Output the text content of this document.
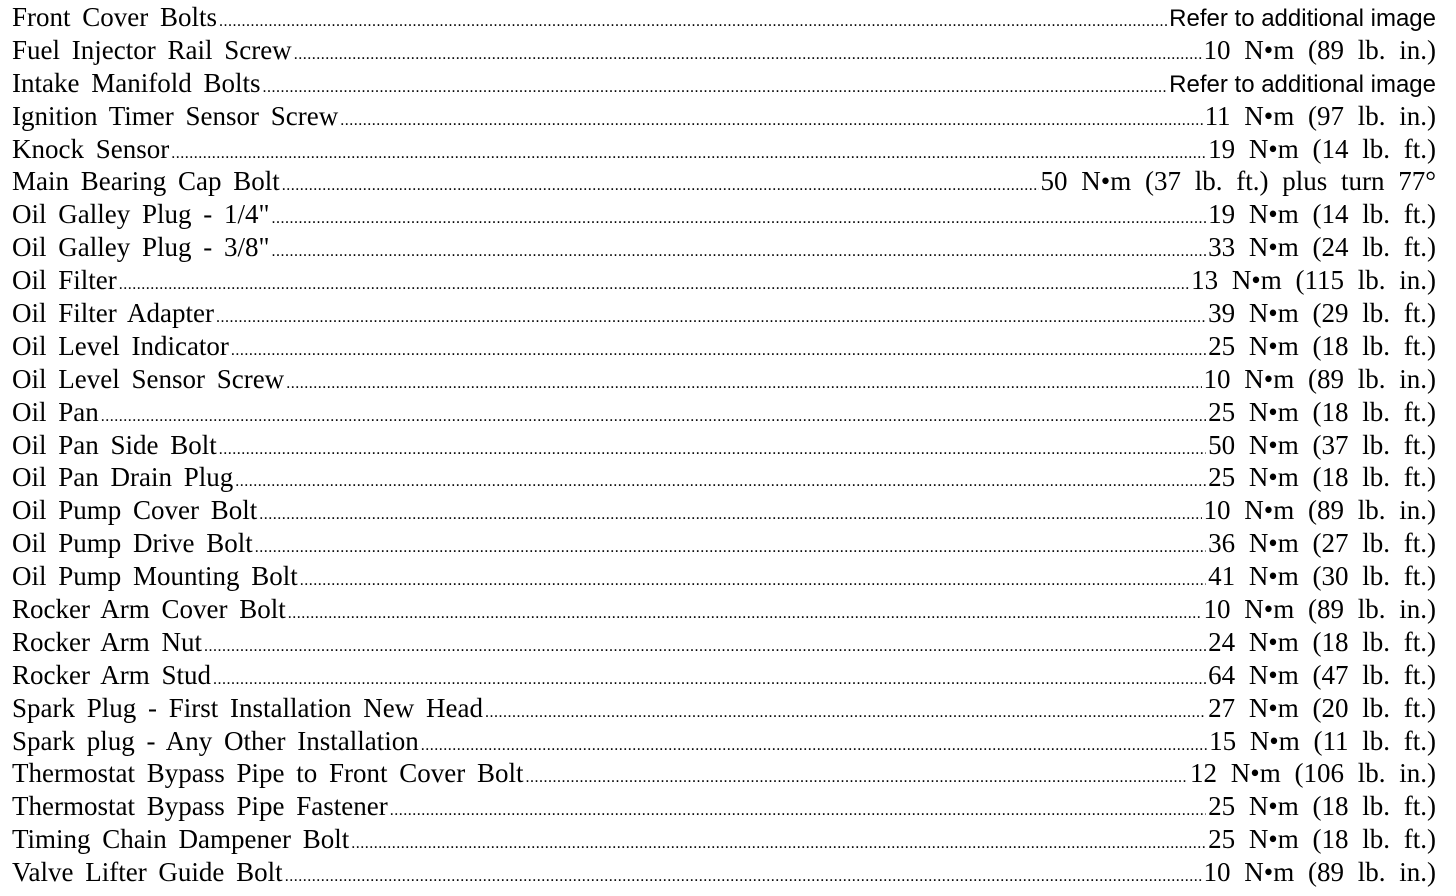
Front Cover Bolts .....	Refer to additional image
Fuel Injector Rail Screw .....	10 N•m (89 lb. in.)
Intake Manifold Bolts .....	Refer to additional image
Ignition Timer Sensor Screw .....	11 N•m (97 lb. in.)
Knock Sensor .....	19 N•m (14 lb. ft.)
Main Bearing Cap Bolt .....	50 N•m (37 lb. ft.) plus turn 77°
Oil Galley Plug - 1/4" .....	19 N•m (14 lb. ft.)
Oil Galley Plug - 3/8" .....	33 N•m (24 lb. ft.)
Oil Filter .....	13 N•m (115 lb. in.)
Oil Filter Adapter .....	39 N•m (29 lb. ft.)
Oil Level Indicator .....	25 N•m (18 lb. ft.)
Oil Level Sensor Screw .....	10 N•m (89 lb. in.)
Oil Pan .....	25 N•m (18 lb. ft.)
Oil Pan Side Bolt .....	50 N•m (37 lb. ft.)
Oil Pan Drain Plug .....	25 N•m (18 lb. ft.)
Oil Pump Cover Bolt .....	10 N•m (89 lb. in.)
Oil Pump Drive Bolt .....	36 N•m (27 lb. ft.)
Oil Pump Mounting Bolt .....	41 N•m (30 lb. ft.)
Rocker Arm Cover Bolt .....	10 N•m (89 lb. in.)
Rocker Arm Nut .....	24 N•m (18 lb. ft.)
Rocker Arm Stud .....	64 N•m (47 lb. ft.)
Spark Plug - First Installation New Head .....	27 N•m (20 lb. ft.)
Spark plug - Any Other Installation .....	15 N•m (11 lb. ft.)
Thermostat Bypass Pipe to Front Cover Bolt .....	12 N•m (106 lb. in.)
Thermostat Bypass Pipe Fastener .....	25 N•m (18 lb. ft.)
Timing Chain Dampener Bolt .....	25 N•m (18 lb. ft.)
Valve Lifter Guide Bolt .....	10 N•m (89 lb. in.)
